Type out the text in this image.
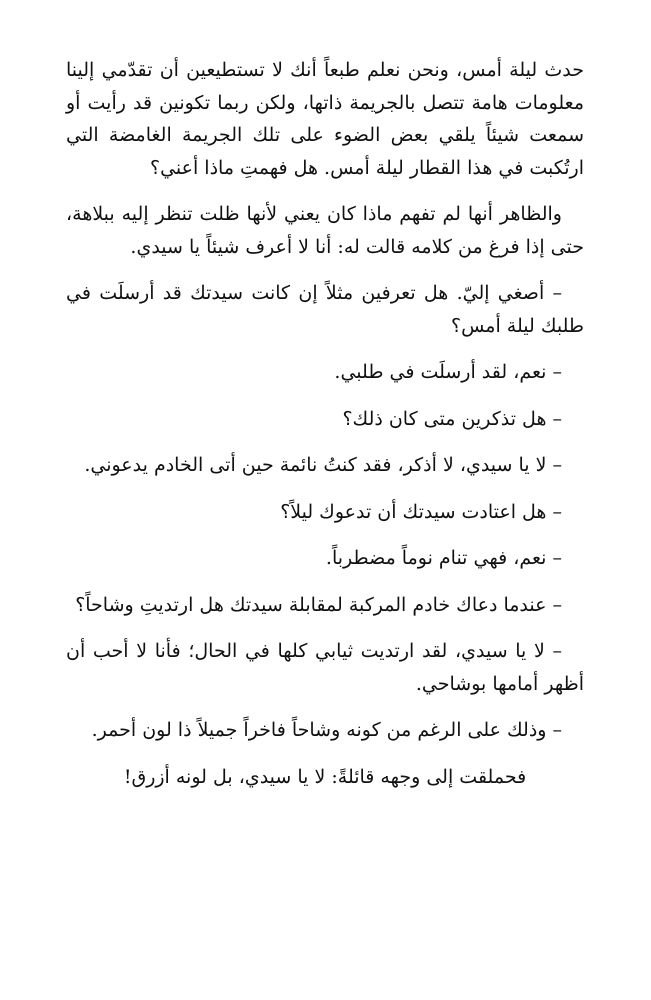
حدث ليلة أمس، ونحن نعلم طبعاً أنك لا تستطيعين أن تقدّمي إلينا معلومات هامة تتصل بالجريمة ذاتها، ولكن ربما تكونين قد رأيت أو سمعت شيئاً يلقي بعض الضوء على تلك الجريمة الغامضة التي ارتُكبت في هذا القطار ليلة أمس. هل فهمتِ ماذا أعني؟

والظاهر أنها لم تفهم ماذا كان يعني لأنها ظلت تنظر إليه ببلاهة، حتى إذا فرغ من كلامه قالت له: أنا لا أعرف شيئاً يا سيدي.

– أصغي إليّ. هل تعرفين مثلاً إن كانت سيدتك قد أرسلَت في طلبك ليلة أمس؟

– نعم، لقد أرسلَت في طلبي.

– هل تذكرين متى كان ذلك؟

– لا يا سيدي، لا أذكر، فقد كنتُ نائمة حين أتى الخادم يدعوني.

– هل اعتادت سيدتك أن تدعوك ليلاً؟

– نعم، فهي تنام نوماً مضطرباً.

– عندما دعاك خادم المركبة لمقابلة سيدتك هل ارتديتِ وشاحاً؟

– لا يا سيدي، لقد ارتديت ثيابي كلها في الحال؛ فأنا لا أحب أن أظهر أمامها بوشاحي.

– وذلك على الرغم من كونه وشاحاً فاخراً جميلاً ذا لون أحمر.

فحملقت إلى وجهه قائلةً: لا يا سيدي، بل لونه أزرق!
